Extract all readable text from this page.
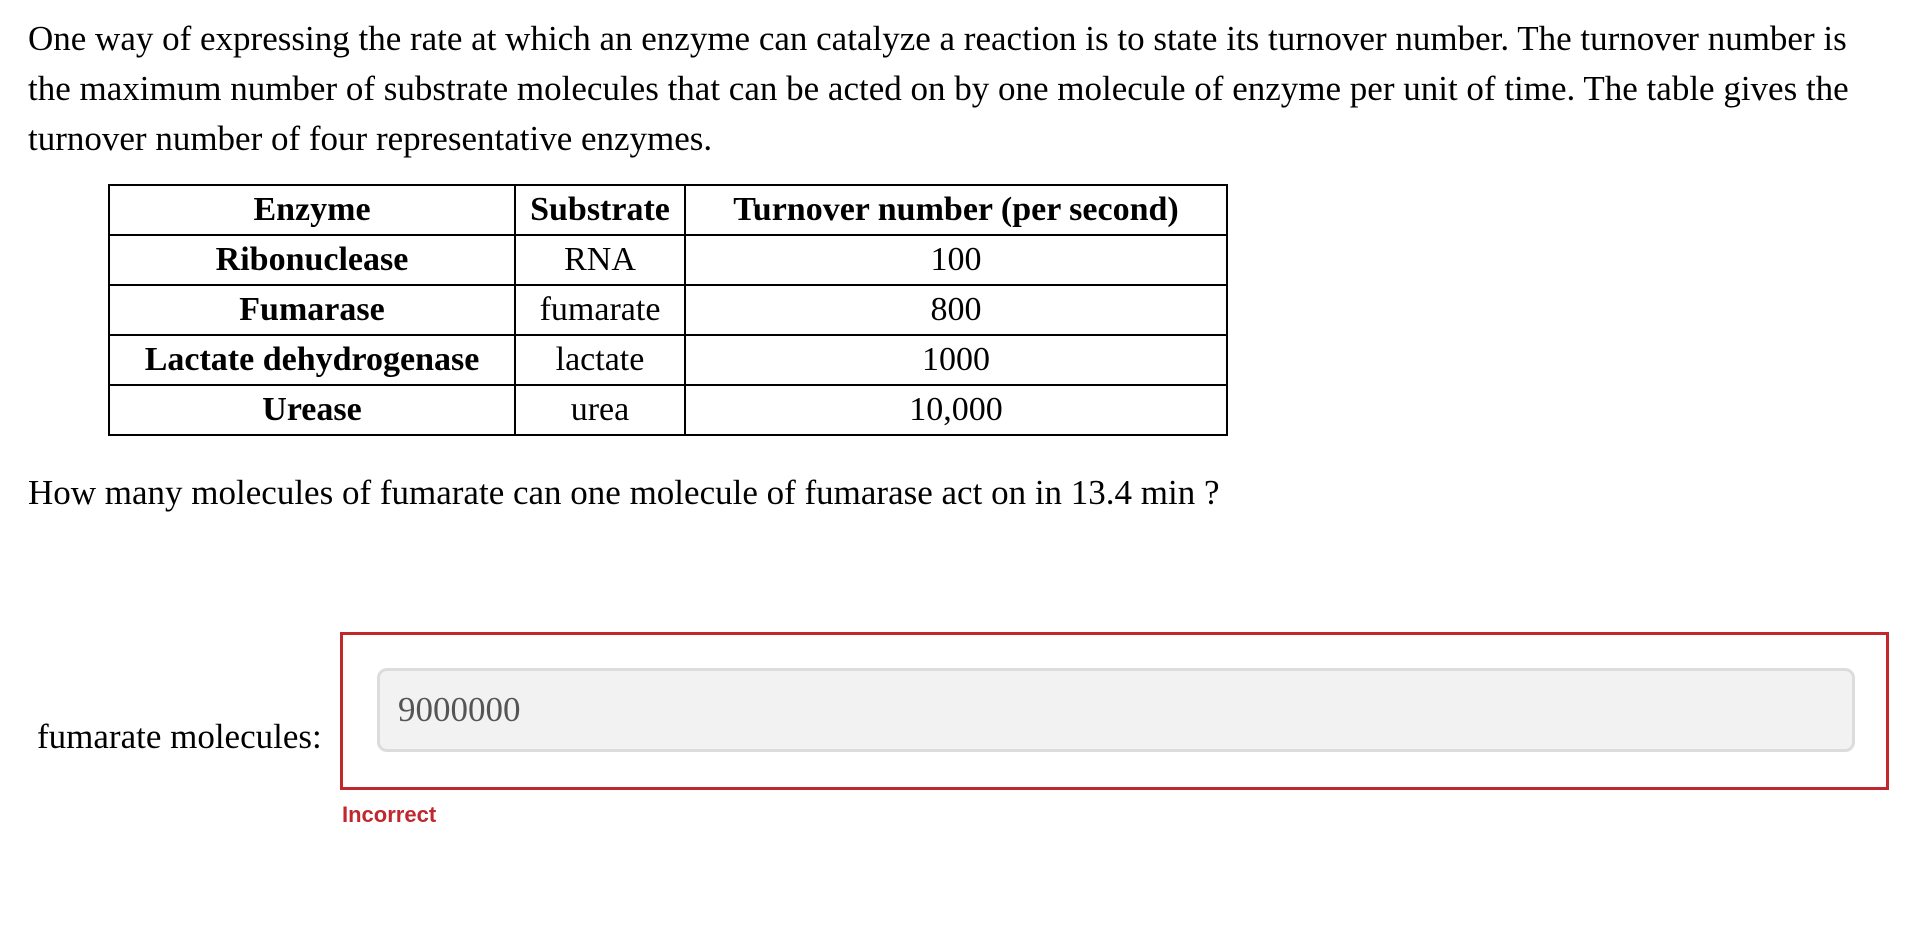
One way of expressing the rate at which an enzyme can catalyze a reaction is to state its turnover number. The turnover number is the maximum number of substrate molecules that can be acted on by one molecule of enzyme per unit of time. The table gives the turnover number of four representative enzymes.

Enzyme	Substrate	Turnover number (per second)
Ribonuclease	RNA	100
Fumarase	fumarate	800
Lactate dehydrogenase	lactate	1000
Urease	urea	10,000

How many molecules of fumarate can one molecule of fumarase act on in 13.4 min ?

fumarate molecules:
9000000
Incorrect
